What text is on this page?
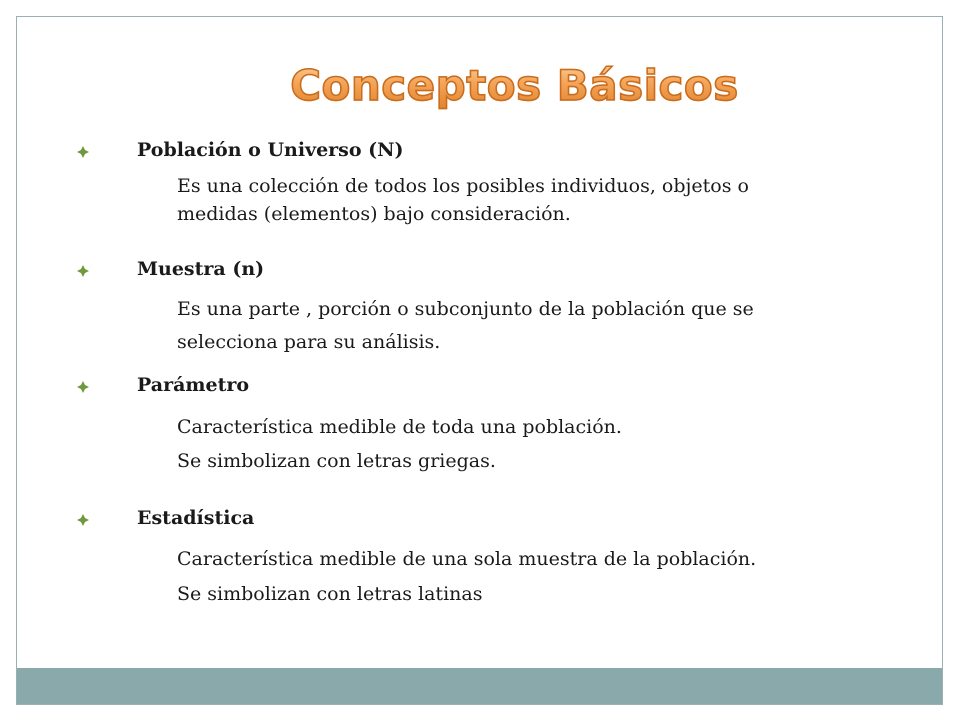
Conceptos Básicos
Población o Universo (N)
Es una colección de todos los posibles individuos, objetos o
medidas (elementos) bajo consideración.
Muestra (n)
Es una parte , porción o subconjunto de la población que se
selecciona para su análisis.
Parámetro
Característica medible de toda una población.
Se simbolizan con letras griegas.
Estadística
Característica medible de una sola muestra de la población.
Se simbolizan con letras latinas
